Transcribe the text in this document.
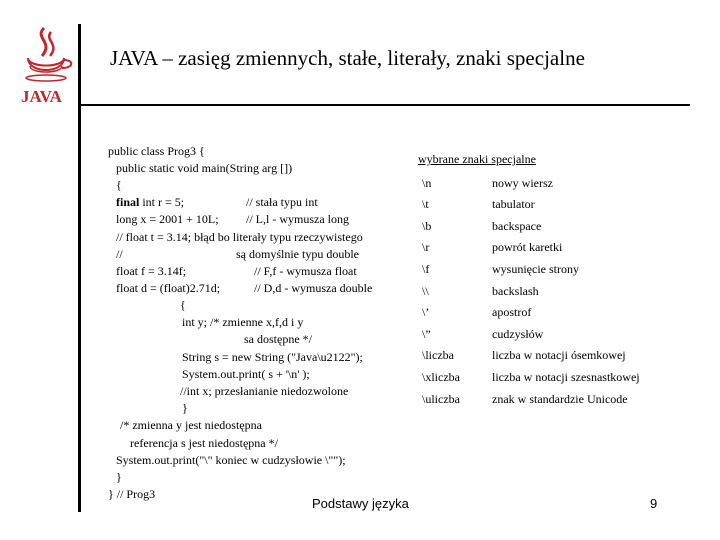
JAVA
JAVA – zasięg zmiennych, stałe, literały, znaki specjalne
public class Prog3 {
public static void main(String arg [])
{
final int r = 5;	// stała typu int
long x = 2001 + 10L; // L,l - wymusza long
// float t = 3.14; błąd bo literały typu rzeczywistego
//	są domyślnie typu double
float f = 3.14f;	// F,f - wymusza float
float d = (float)2.71d;	// D,d - wymusza double
{
int y; /* zmienne x,f,d i y
sa dostępne */
String s = new String ("Java\u2122");
System.out.print( s + '\n' );
//int x; przesłanianie niedozwolone
}
/* zmienna y jest niedostępna
referencja s jest niedostępna */
System.out.print("\" koniec w cudzysłowie \"");
}
} // Prog3
wybrane znaki specjalne
\n	nowy wiersz
\t	tabulator
\b	backspace
\r	powrót karetki
\f	wysunięcie strony
\\	backslash
\’	apostrof
\”	cudzysłów
\liczba	liczba w notacji ósemkowej
\xliczba	liczba w notacji szesnastkowej
\uliczba	znak w standardzie Unicode
Podstawy języka	9
